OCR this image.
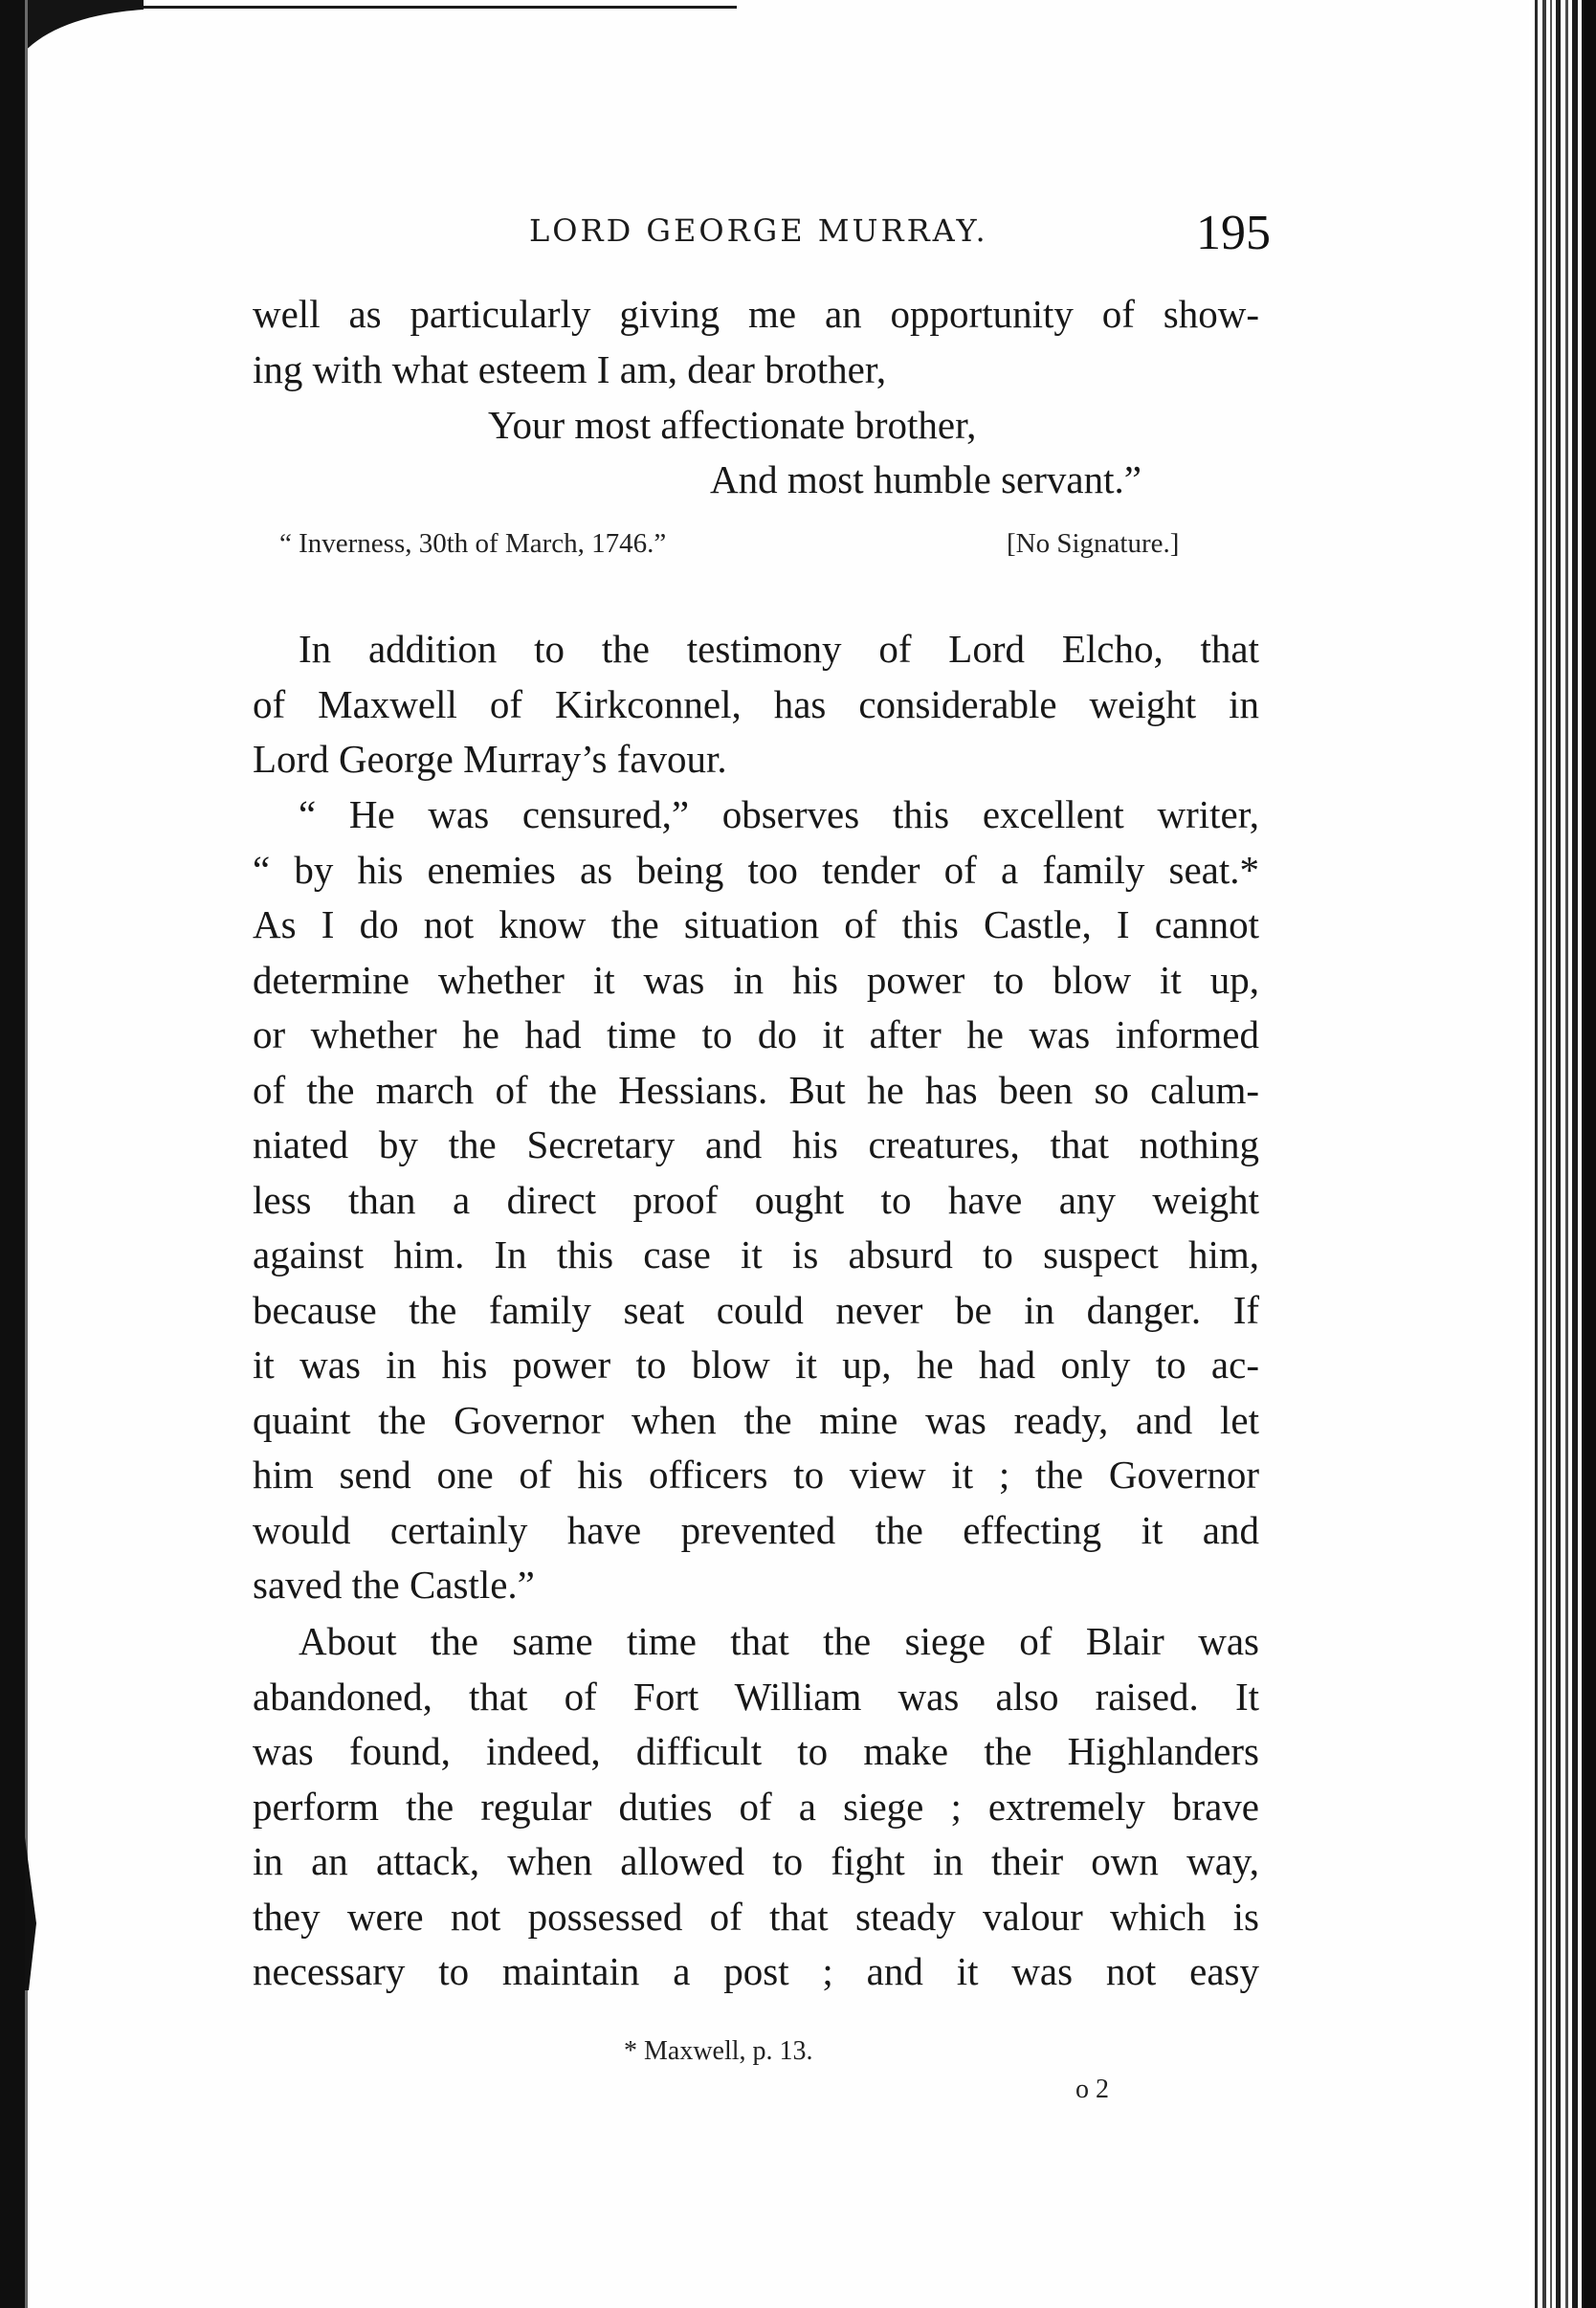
LORD GEORGE MURRAY.	195
well as particularly giving me an opportunity of show-
ing with what esteem I am, dear brother,
Your most affectionate brother,
And most humble servant.”
“ Inverness, 30th of March, 1746.”	[No Signature.]
In addition to the testimony of Lord Elcho, that
of Maxwell of Kirkconnel, has considerable weight in
Lord George Murray’s favour.
“ He was censured,” observes this excellent writer,
“ by his enemies as being too tender of a family seat.*
As I do not know the situation of this Castle, I cannot
determine whether it was in his power to blow it up,
or whether he had time to do it after he was informed
of the march of the Hessians. But he has been so calum-
niated by the Secretary and his creatures, that nothing
less than a direct proof ought to have any weight
against him. In this case it is absurd to suspect him,
because the family seat could never be in danger. If
it was in his power to blow it up, he had only to ac-
quaint the Governor when the mine was ready, and let
him send one of his officers to view it ; the Governor
would certainly have prevented the effecting it and
saved the Castle.”
About the same time that the siege of Blair was
abandoned, that of Fort William was also raised. It
was found, indeed, difficult to make the Highlanders
perform the regular duties of a siege ; extremely brave
in an attack, when allowed to fight in their own way,
they were not possessed of that steady valour which is
necessary to maintain a post ; and it was not easy
* Maxwell, p. 13.
o 2
